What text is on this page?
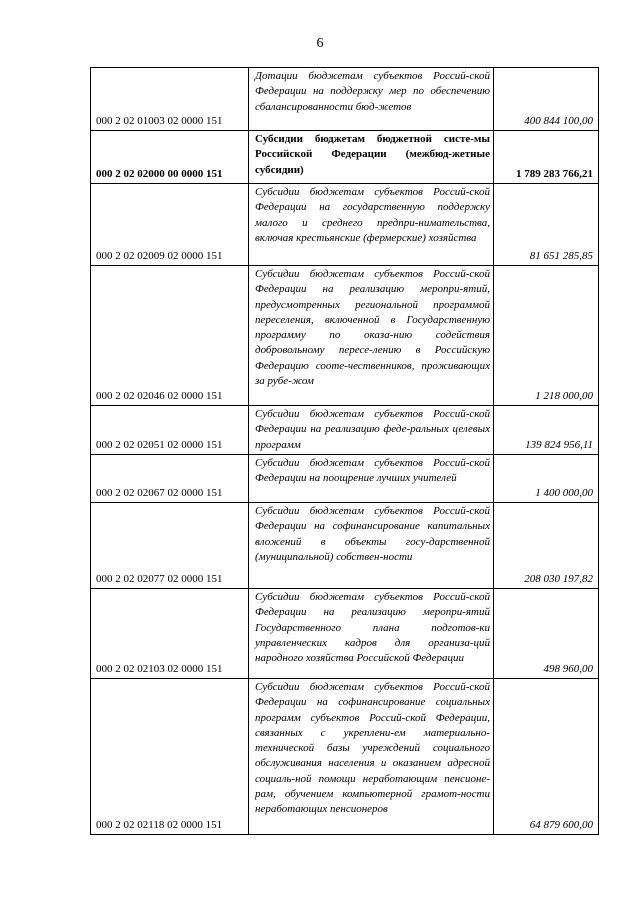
6
000 2 02 01003 02 0000 151	Дотации бюджетам субъектов Россий-ской Федерации на поддержку мер по обеспечению сбалансированности бюд-жетов	400 844 100,00
000 2 02 02000 00 0000 151	Субсидии бюджетам бюджетной систе-мы Российской Федерации (межбюд-жетные субсидии)	1 789 283 766,21
000 2 02 02009 02 0000 151	Субсидии бюджетам субъектов Россий-ской Федерации на государственную поддержку малого и среднего предпри-нимательства, включая крестьянские (фермерские) хозяйства	81 651 285,85
000 2 02 02046 02 0000 151	Субсидии бюджетам субъектов Россий-ской Федерации на реализацию меропри-ятий, предусмотренных региональной программой переселения, включенной в Государственную программу по оказа-нию содействия добровольному пересе-лению в Российскую Федерацию сооте-чественников, проживающих за рубе-жом	1 218 000,00
000 2 02 02051 02 0000 151	Субсидии бюджетам субъектов Россий-ской Федерации на реализацию феде-ральных целевых программ	139 824 956,11
000 2 02 02067 02 0000 151	Субсидии бюджетам субъектов Россий-ской Федерации на поощрение лучших учителей	1 400 000,00
000 2 02 02077 02 0000 151	Субсидии бюджетам субъектов Россий-ской Федерации на софинансирование капитальных вложений в объекты госу-дарственной (муниципальной) собствен-ности	208 030 197,82
000 2 02 02103 02 0000 151	Субсидии бюджетам субъектов Россий-ской Федерации на реализацию меропри-ятий Государственного плана подготов-ки управленческих кадров для организа-ций народного хозяйства Российской Федерации	498 960,00
000 2 02 02118 02 0000 151	Субсидии бюджетам субъектов Россий-ской Федерации на софинансирование социальных программ субъектов Россий-ской Федерации, связанных с укреплени-ем материально-технической базы учреждений социального обслуживания населения и оказанием адресной социаль-ной помощи неработающим пенсионе-рам, обучением компьютерной грамот-ности неработающих пенсионеров	64 879 600,00
